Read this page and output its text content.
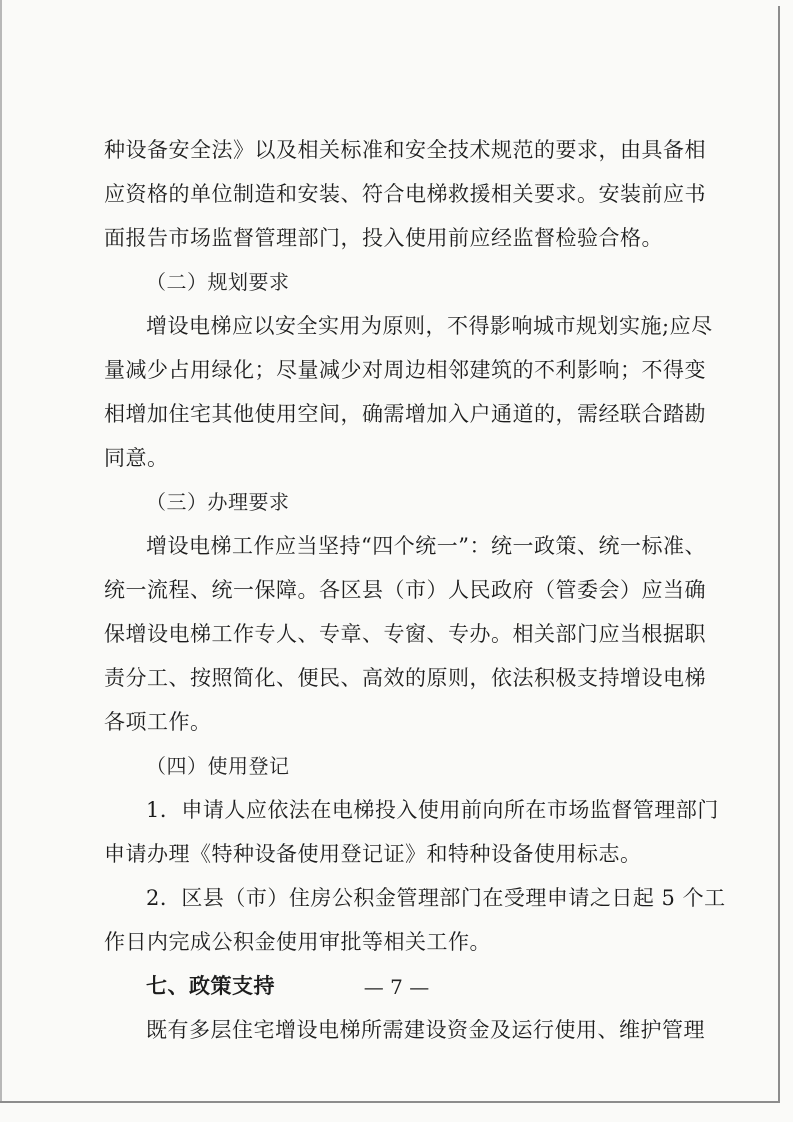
种设备安全法》以及相关标准和安全技术规范的要求，由具备相
应资格的单位制造和安装、符合电梯救援相关要求。安装前应书
面报告市场监督管理部门，投入使用前应经监督检验合格。
（二）规划要求
增设电梯应以安全实用为原则，不得影响城市规划实施;应尽
量减少占用绿化；尽量减少对周边相邻建筑的不利影响；不得变
相增加住宅其他使用空间，确需增加入户通道的，需经联合踏勘
同意。
（三）办理要求
增设电梯工作应当坚持“四个统一”：统一政策、统一标准、
统一流程、统一保障。各区县（市）人民政府（管委会）应当确
保增设电梯工作专人、专章、专窗、专办。相关部门应当根据职
责分工、按照简化、便民、高效的原则，依法积极支持增设电梯
各项工作。
（四）使用登记
1．申请人应依法在电梯投入使用前向所在市场监督管理部门
申请办理《特种设备使用登记证》和特种设备使用标志。
2．区县（市）住房公积金管理部门在受理申请之日起 5 个工
作日内完成公积金使用审批等相关工作。
七、政策支持
既有多层住宅增设电梯所需建设资金及运行使用、维护管理
— 7 —
